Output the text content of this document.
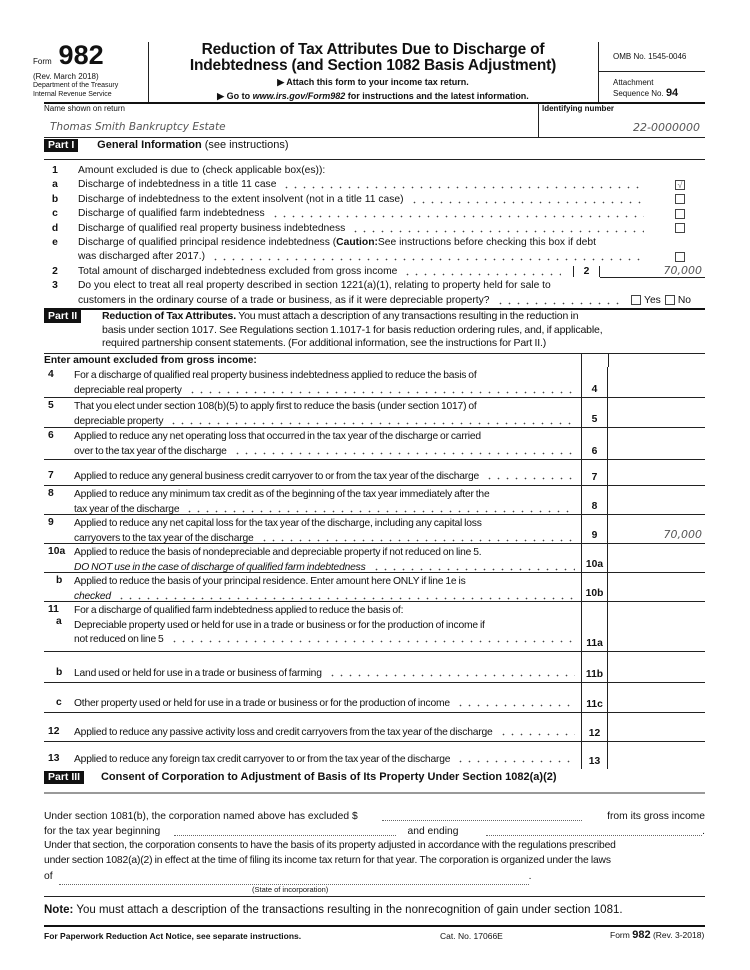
Form 982
(Rev. March 2018)
Department of the Treasury
Internal Revenue Service
Reduction of Tax Attributes Due to Discharge of
Indebtedness (and Section 1082 Basis Adjustment)
▶ Attach this form to your income tax return.
▶ Go to www.irs.gov/Form982 for instructions and the latest information.
OMB No. 1545-0046
Attachment
Sequence No. 94
Name shown on return
Thomas Smith Bankruptcy Estate
Identifying number
22-0000000
Part I General Information (see instructions)
1	Amount excluded is due to (check applicable box(es)):
a	Discharge of indebtedness in a title 11 case	√
b	Discharge of indebtedness to the extent insolvent (not in a title 11 case)
c	Discharge of qualified farm indebtedness
d	Discharge of qualified real property business indebtedness
e	Discharge of qualified principal residence indebtedness ( Caution: See instructions before checking this box if debt
was discharged after 2017.)
2	Total amount of discharged indebtedness excluded from gross income	2	70,000
3	Do you elect to treat all real property described in section 1221(a)(1), relating to property held for sale to
customers in the ordinary course of a trade or business, as if it were depreciable property?	Yes No
Part II	Reduction of Tax Attributes. You must attach a description of any transactions resulting in the reduction in
basis under section 1017. See Regulations section 1.1017-1 for basis reduction ordering rules, and, if applicable,
required partnership consent statements. (For additional information, see the instructions for Part II.)
Enter amount excluded from gross income:
4	For a discharge of qualified real property business indebtedness applied to reduce the basis of
depreciable real property	4
5	That you elect under section 108(b)(5) to apply first to reduce the basis (under section 1017) of
depreciable property	5
6	Applied to reduce any net operating loss that occurred in the tax year of the discharge or carried
over to the tax year of the discharge	6
7	Applied to reduce any general business credit carryover to or from the tax year of the discharge	7
8	Applied to reduce any minimum tax credit as of the beginning of the tax year immediately after the
tax year of the discharge	8
9	Applied to reduce any net capital loss for the tax year of the discharge, including any capital loss
carryovers to the tax year of the discharge	9	70,000
10a Applied to reduce the basis of nondepreciable and depreciable property if not reduced on line 5.
DO NOT use in the case of discharge of qualified farm indebtedness	10a
b	Applied to reduce the basis of your principal residence. Enter amount here ONLY if line 1e is
checked	10b
11
a
For a discharge of qualified farm indebtedness applied to reduce the basis of:
Depreciable property used or held for use in a trade or business or for the production of income if
not reduced on line 5	11a
b	Land used or held for use in a trade or business of farming	11b
c	Other property used or held for use in a trade or business or for the production of income	11c
12	Applied to reduce any passive activity loss and credit carryovers from the tax year of the discharge	12
13	Applied to reduce any foreign tax credit carryover to or from the tax year of the discharge	13
Part III Consent of Corporation to Adjustment of Basis of Its Property Under Section 1082(a)(2)
Under section 1081(b), the corporation named above has excluded $	from its gross income
for the tax year beginning	and ending	.
Under that section, the corporation consents to have the basis of its property adjusted in accordance with the regulations prescribed
under section 1082(a)(2) in effect at the time of filing its income tax return for that year. The corporation is organized under the laws
of	.
(State of incorporation)
Note: You must attach a description of the transactions resulting in the nonrecognition of gain under section 1081.
For Paperwork Reduction Act Notice, see separate instructions.	Cat. No. 17066E	Form 982 (Rev. 3-2018)
